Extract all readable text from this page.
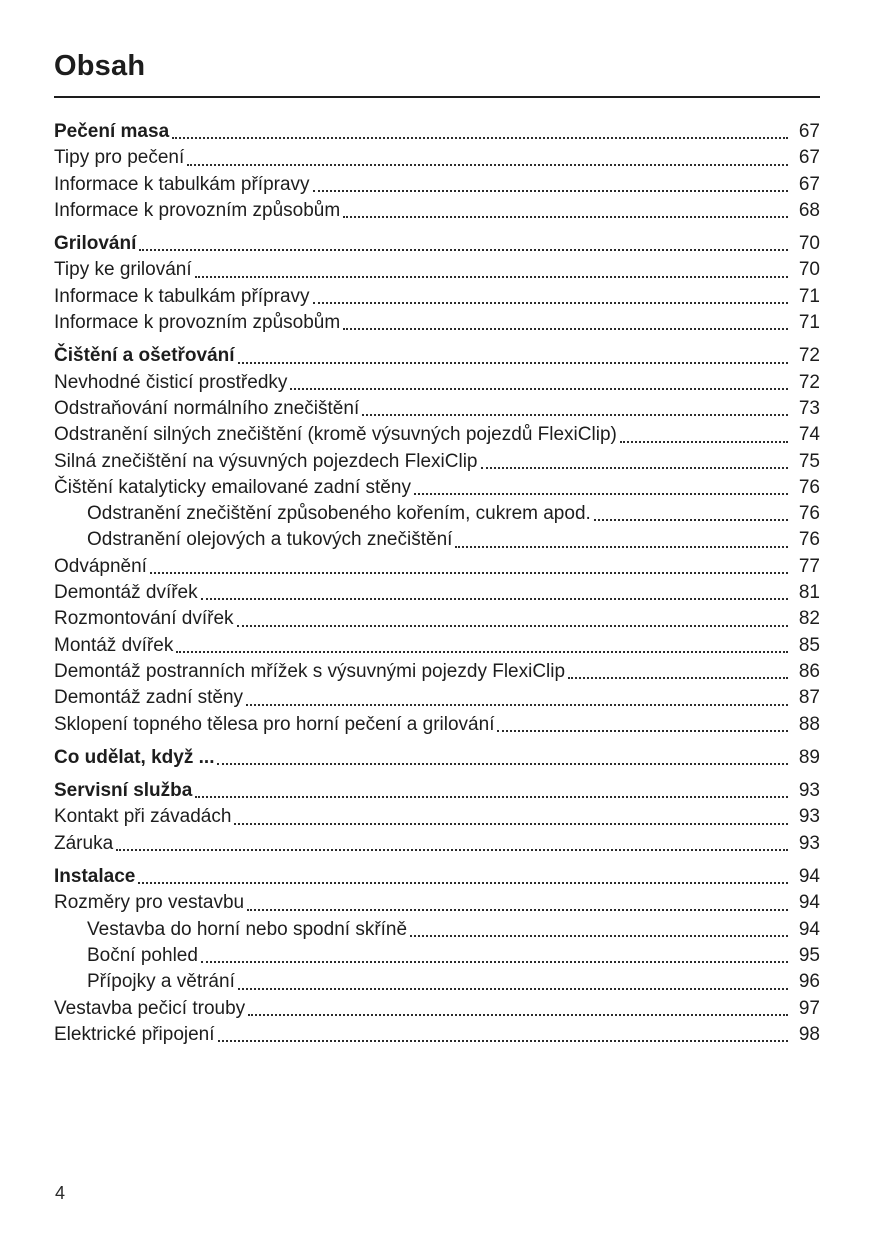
Obsah
Pečení masa	67
Tipy pro pečení	67
Informace k tabulkám přípravy	67
Informace k provozním způsobům	68
Grilování	70
Tipy ke grilování	70
Informace k tabulkám přípravy	71
Informace k provozním způsobům	71
Čištění a ošetřování	72
Nevhodné čisticí prostředky	72
Odstraňování normálního znečištění	73
Odstranění silných znečištění (kromě výsuvných pojezdů FlexiClip)	74
Silná znečištění na výsuvných pojezdech FlexiClip	75
Čištění katalyticky emailované zadní stěny	76
Odstranění znečištění způsobeného kořením, cukrem apod.	76
Odstranění olejových a tukových znečištění	76
Odvápnění	77
Demontáž dvířek	81
Rozmontování dvířek	82
Montáž dvířek	85
Demontáž postranních mřížek s výsuvnými pojezdy FlexiClip	86
Demontáž zadní stěny	87
Sklopení topného tělesa pro horní pečení a grilování	88
Co udělat, když ...	89
Servisní služba	93
Kontakt při závadách	93
Záruka	93
Instalace	94
Rozměry pro vestavbu	94
Vestavba do horní nebo spodní skříně	94
Boční pohled	95
Přípojky a větrání	96
Vestavba pečicí trouby	97
Elektrické připojení	98
4
